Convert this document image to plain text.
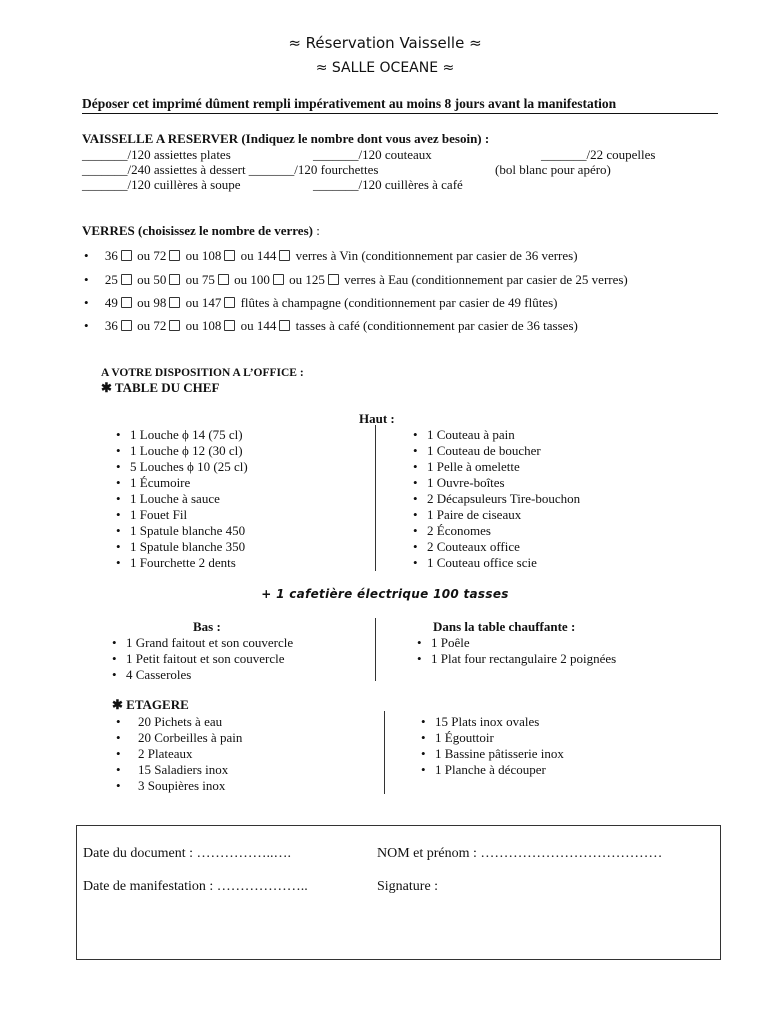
≈ Réservation Vaisselle ≈
≈ SALLE OCEANE ≈
Déposer cet imprimé dûment rempli impérativement au moins 8 jours avant la manifestation
VAISSELLE A RESERVER (Indiquez le nombre dont vous avez besoin) :
_______/120 assiettes plates	_______/120 couteaux	_______/22 coupelles
_______/240 assiettes à dessert _______/120 fourchettes	(bol blanc pour apéro)
_______/120 cuillères à soupe	_______/120 cuillères à café
VERRES (choisissez le nombre de verres) :
• 36 ou 72 ou 108 ou 144 verres à Vin (conditionnement par casier de 36 verres)
• 25 ou 50 ou 75 ou 100 ou 125 verres à Eau (conditionnement par casier de 25 verres)
• 49 ou 98 ou 147 flûtes à champagne (conditionnement par casier de 49 flûtes)
• 36 ou 72 ou 108 ou 144 tasses à café (conditionnement par casier de 36 tasses)
A VOTRE DISPOSITION A L’OFFICE :
✱ TABLE DU CHEF
Haut :
• 1 Louche ϕ 14 (75 cl)
• 1 Louche ϕ 12 (30 cl)
• 5 Louches ϕ 10 (25 cl)
• 1 Écumoire
• 1 Louche à sauce
• 1 Fouet Fil
• 1 Spatule blanche 450
• 1 Spatule blanche 350
• 1 Fourchette 2 dents
• 1 Couteau à pain
• 1 Couteau de boucher
• 1 Pelle à omelette
• 1 Ouvre-boîtes
• 2 Décapsuleurs Tire-bouchon
• 1 Paire de ciseaux
• 2 Économes
• 2 Couteaux office
• 1 Couteau office scie
+ 1 cafetière électrique 100 tasses
Bas :	Dans la table chauffante :
• 1 Grand faitout et son couvercle
• 1 Petit faitout et son couvercle
• 4 Casseroles
• 1 Poêle
• 1 Plat four rectangulaire 2 poignées
✱ ETAGERE
• 20 Pichets à eau
• 20 Corbeilles à pain
• 2 Plateaux
• 15 Saladiers inox
• 3 Soupières inox
• 15 Plats inox ovales
• 1 Égouttoir
• 1 Bassine pâtisserie inox
• 1 Planche à découper
Date du document : ……………..….	NOM et prénom : …………………………………
Date de manifestation : ………………..	Signature :
